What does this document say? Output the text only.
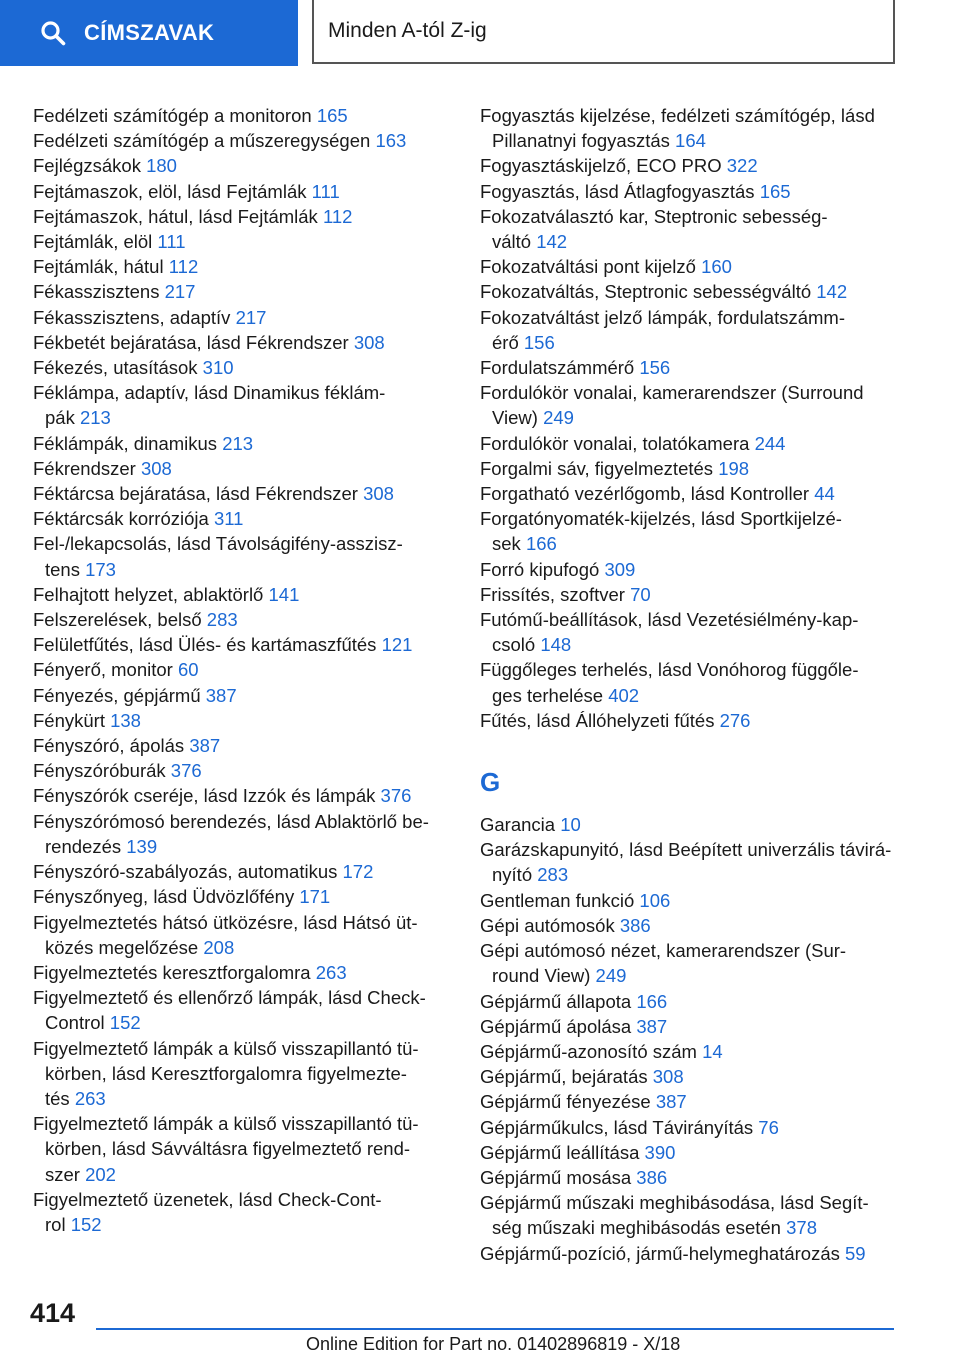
CÍMSZAVAK	Minden A-tól Z-ig
Fedélzeti számítógép a monitoron 165
Fedélzeti számítógép a műszeregységen 163
Fejlégzsákok 180
Fejtámaszok, elöl, lásd Fejtámlák 111
Fejtámaszok, hátul, lásd Fejtámlák 112
Fejtámlák, elöl 111
Fejtámlák, hátul 112
Fékasszisztens 217
Fékasszisztens, adaptív 217
Fékbetét bejáratása, lásd Fékrendszer 308
Fékezés, utasítások 310
Féklámpa, adaptív, lásd Dinamikus féklám-
pák 213
Féklámpák, dinamikus 213
Fékrendszer 308
Féktárcsa bejáratása, lásd Fékrendszer 308
Féktárcsák korróziója 311
Fel-/lekapcsolás, lásd Távolságifény-asszisz-
tens 173
Felhajtott helyzet, ablaktörlő 141
Felszerelések, belső 283
Felületfűtés, lásd Ülés- és kartámaszfűtés 121
Fényerő, monitor 60
Fényezés, gépjármű 387
Fénykürt 138
Fényszóró, ápolás 387
Fényszóróburák 376
Fényszórók cseréje, lásd Izzók és lámpák 376
Fényszórómosó berendezés, lásd Ablaktörlő be-
rendezés 139
Fényszóró-szabályozás, automatikus 172
Fényszőnyeg, lásd Üdvözlőfény 171
Figyelmeztetés hátsó ütközésre, lásd Hátsó üt-
közés megelőzése 208
Figyelmeztetés keresztforgalomra 263
Figyelmeztető és ellenőrző lámpák, lásd Check-
Control 152
Figyelmeztető lámpák a külső visszapillantó tü-
körben, lásd Keresztforgalomra figyelmezte-
tés 263
Figyelmeztető lámpák a külső visszapillantó tü-
körben, lásd Sávváltásra figyelmeztető rend-
szer 202
Figyelmeztető üzenetek, lásd Check-Cont-
rol 152
Fogyasztás kijelzése, fedélzeti számítógép, lásd
Pillanatnyi fogyasztás 164
Fogyasztáskijelző, ECO PRO 322
Fogyasztás, lásd Átlagfogyasztás 165
Fokozatválasztó kar, Steptronic sebesség-
váltó 142
Fokozatváltási pont kijelző 160
Fokozatváltás, Steptronic sebességváltó 142
Fokozatváltást jelző lámpák, fordulatszámm-
érő 156
Fordulatszámmérő 156
Fordulókör vonalai, kamerarendszer (Surround
View) 249
Fordulókör vonalai, tolatókamera 244
Forgalmi sáv, figyelmeztetés 198
Forgatható vezérlőgomb, lásd Kontroller 44
Forgatónyomaték-kijelzés, lásd Sportkijelzé-
sek 166
Forró kipufogó 309
Frissítés, szoftver 70
Futómű-beállítások, lásd Vezetésiélmény-kap-
csoló 148
Függőleges terhelés, lásd Vonóhorog függőle-
ges terhelése 402
Fűtés, lásd Állóhelyzeti fűtés 276
G
Garancia 10
Garázskapunyitó, lásd Beépített univerzális távirá-
nyító 283
Gentleman funkció 106
Gépi autómosók 386
Gépi autómosó nézet, kamerarendszer (Sur-
round View) 249
Gépjármű állapota 166
Gépjármű ápolása 387
Gépjármű-azonosító szám 14
Gépjármű, bejáratás 308
Gépjármű fényezése 387
Gépjárműkulcs, lásd Távirányítás 76
Gépjármű leállítása 390
Gépjármű mosása 386
Gépjármű műszaki meghibásodása, lásd Segít-
ség műszaki meghibásodás esetén 378
Gépjármű-pozíció, jármű-helymeghatározás 59
414
Online Edition for Part no. 01402896819 - X/18
